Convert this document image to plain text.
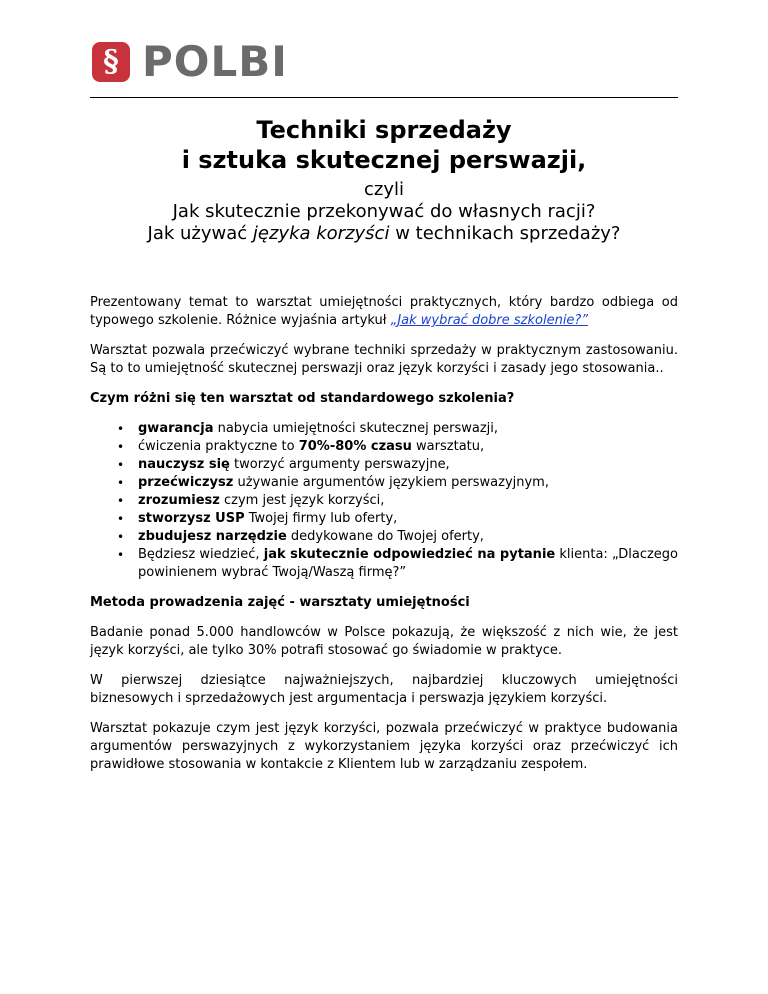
§ POLBI

Techniki sprzedaży

i sztuka skutecznej perswazji,

czyli

Jak skutecznie przekonywać do własnych racji?

Jak używać języka korzyści w technikach sprzedaży?

Prezentowany temat to warsztat umiejętności praktycznych, który bardzo odbiega od typowego szkolenie. Różnice wyjaśnia artykuł „Jak wybrać dobre szkolenie?”

Warsztat pozwala przećwiczyć wybrane techniki sprzedaży w praktycznym zastosowaniu. Są to to umiejętność skutecznej perswazji oraz język korzyści i zasady jego stosowania..

Czym różni się ten warsztat od standardowego szkolenia?

• gwarancja nabycia umiejętności skutecznej perswazji,
• ćwiczenia praktyczne to 70%-80% czasu warsztatu,
• nauczysz się tworzyć argumenty perswazyjne,
• przećwiczysz używanie argumentów językiem perswazyjnym,
• zrozumiesz czym jest język korzyści,
• stworzysz USP Twojej firmy lub oferty,
• zbudujesz narzędzie dedykowane do Twojej oferty,
• Będziesz wiedzieć, jak skutecznie odpowiedzieć na pytanie klienta: „Dlaczego powinienem wybrać Twoją/Waszą firmę?”

Metoda prowadzenia zajęć - warsztaty umiejętności

Badanie ponad 5.000 handlowców w Polsce pokazują, że większość z nich wie, że jest język korzyści, ale tylko 30% potrafi stosować go świadomie w praktyce.

W pierwszej dziesiątce najważniejszych, najbardziej kluczowych umiejętności biznesowych i sprzedażowych jest argumentacja i perswazja językiem korzyści.

Warsztat pokazuje czym jest język korzyści, pozwala przećwiczyć w praktyce budowania argumentów perswazyjnych z wykorzystaniem języka korzyści oraz przećwiczyć ich prawidłowe stosowania w kontakcie z Klientem lub w zarządzaniu zespołem.
